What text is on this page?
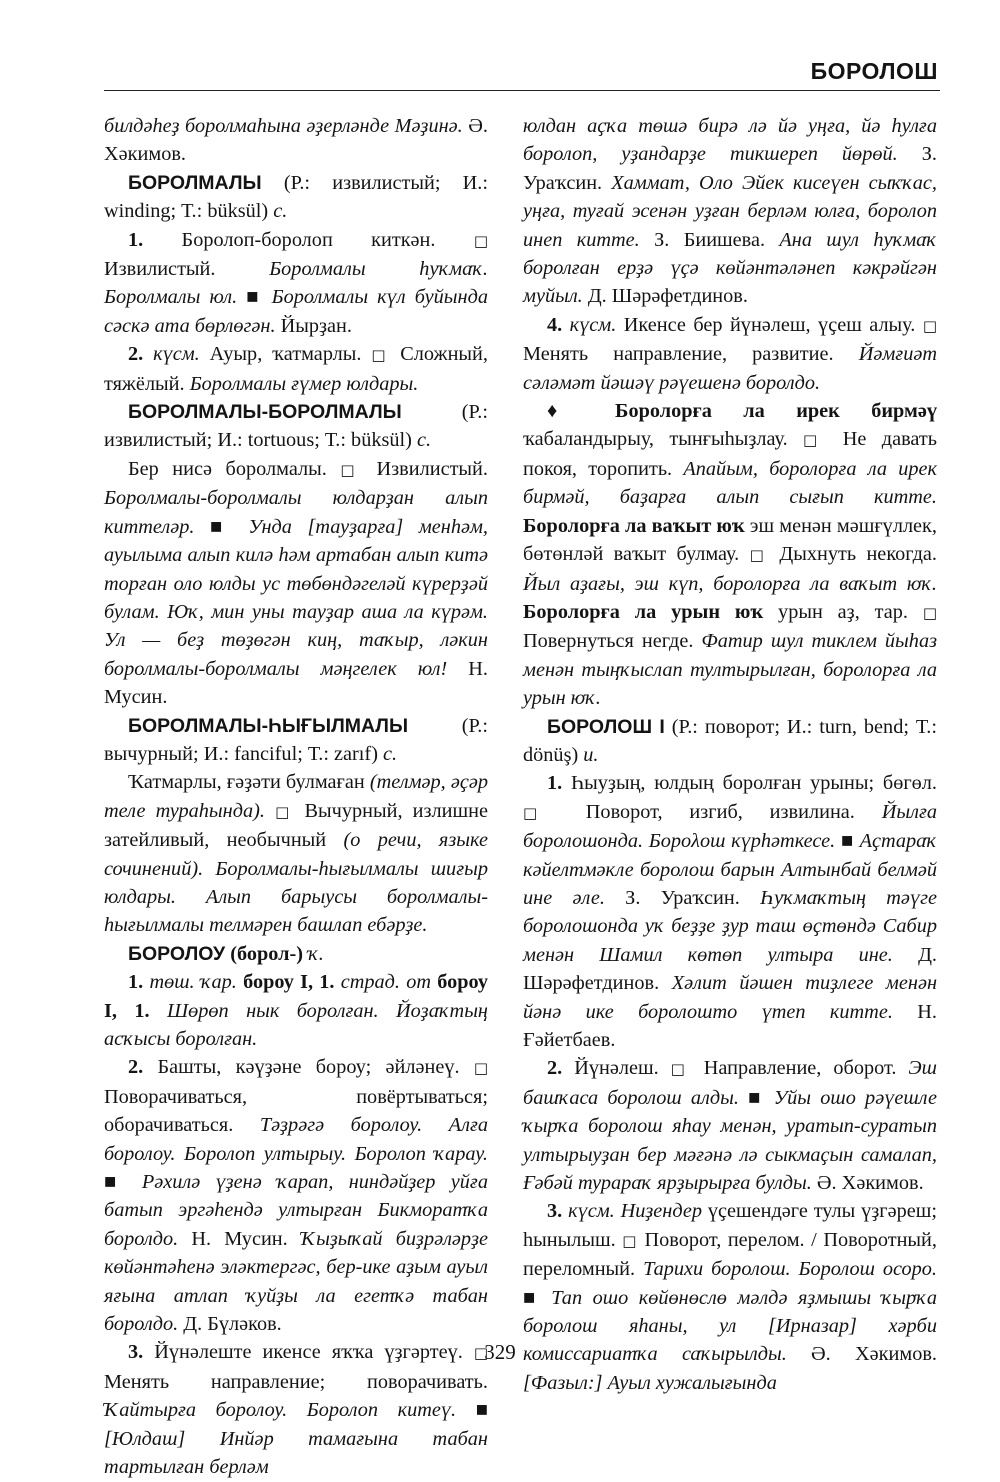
БОРОЛОШ

билдәһеҙ боролмаһына әҙерләнде Мәҙинә. Ә. Хәкимов.

БОРОЛМАЛЫ (Р.: извилистый; И.: winding; Т.: büksül) с.

1. Боролоп-боролоп киткән. □ Извилистый. Боролмалы һуҡмаҡ. Боролмалы юл. ■ Боролмалы күл буйында сәскә ата бөрлөгән. Йырҙан.

2. күсм. Ауыр, ҡатмарлы. □ Сложный, тяжёлый. Боролмалы ғүмер юлдары.

БОРОЛМАЛЫ-БОРОЛМАЛЫ (Р.: извилистый; И.: tortuous; Т.: büksül) с.

Бер нисә боролмалы. □ Извилистый. Боролмалы-боролмалы юлдарҙан алып киттеләр. ■ Унда [тауҙарға] менһәм, ауылыма алып килә һәм артабан алып китә торған оло юлды ус төбөндәгеләй күрерҙәй булам. Юҡ, мин уны тауҙар аша ла күрәм. Ул — беҙ төҙөгән киң, таҡыр, ләкин боролмалы-боролмалы мәңгелек юл! Н. Мусин.

БОРОЛМАЛЫ-ҺЫҒЫЛМАЛЫ (Р.: вычурный; И.: fanciful; Т.: zarıf) с.

Ҡатмарлы, ғәҙәти булмаған (телмәр, әҫәр теле тураһында). □ Вычурный, излишне затейливый, необычный (о речи, языке сочинений). Боролмалы-һығылмалы шиғыр юлдары. Алып барыусы боролмалы-һығылмалы телмәрен башлап ебәрҙе.

БОРОЛОУ (борол-) ҡ.

1. төш. ҡар. бороу I, 1. страд. от бороу I, 1. Шөрөп нык боролған. Йоҙаҡтың асҡысы боролған.

2. Башты, кәүҙәне бороу; әйләнеү. □ Поворачиваться, повёртываться; оборачиваться. Тәҙрәгә боролоу. Алға боролоу. Боролоп ултырыу. Боролоп ҡарау. ■ Рәхилә үҙенә ҡарап, ниндәйҙер уйға батып эргәһендә ултырған Бикморатҡа боролдо. Н. Мусин. Ҡыҙыҡай биҙрәләрҙе көйәнтәһенә эләктергәс, бер-ике аҙым ауыл яғына атлап ҡуйҙы ла егетҡә табан боролдо. Д. Бүләков.

3. Йүнәлеште икенсе яҡҡа үҙгәртеү. □ Менять направление; поворачивать. Ҡайтырға боролоу. Боролоп китеү. ■ [Юлдаш] Инйәр тамағына табан тартылған берләм

юлдан аҫҡа төшә бирә лә йә уңға, йә һулға боролоп, уҙандарҙе тикшереп йөрөй. З. Ураҡсин. Хаммат, Оло Эйек кисеүен сыҡҡас, уңға, туғай эсенән уҙған берләм юлға, боролоп инеп китте. З. Биишева. Ана шул һуҡмаҡ боролған ерҙә үҫә көйәнтәләнеп кәкрәйгән муйыл. Д. Шәрәфетдинов.

4. күсм. Икенсе бер йүнәлеш, үҫеш алыу. □ Менять направление, развитие. Йәмғиәт сәләмәт йәшәү рәүешенә боролдо.

♦ Боролорға ла ирек бирмәү ҡабаландырыу, тынғыһыҙлау. □ Не давать покоя, торопить. Апайым, боролорға ла ирек бирмәй, баҙарға алып сығып китте. Боролорға ла ваҡыт юҡ эш менән мәшғүллек, бөтөнләй ваҡыт булмау. □ Дыхнуть некогда. Йыл аҙағы, эш күп, боролорға ла ваҡыт юҡ. Боролорға ла урын юҡ урын аҙ, тар. □ Повернуться негде. Фатир шул тиклем йыһаз менән тыңҡыслап тултырылған, боролорға ла урын юҡ.

БОРОЛОШ I (Р.: поворот; И.: turn, bend; Т.: dönüş) и.

1. Һыуҙың, юлдың боролған урыны; бөгөл. □ Поворот, изгиб, извилина. Йылға боролошонда. Борολош күрһәткесе. ■ Аҫтараҡ кәйелтмәкле боролош барын Алтынбай белмәй ине әле. З. Ураҡсин. Һуҡмаҡтың тәүге боролошонда уҡ беҙҙе ҙур таш өҫтөндә Сабир менән Шамил көтөп ултыра ине. Д. Шәрәфетдинов. Хәлит йәшен тиҙлеге менән йәнә ике боролошто үтеп китте. Н. Ғәйетбаев.

2. Йүнәлеш. □ Направление, оборот. Эш башҡаса боролош алды. ■ Уйы ошо рәүешле ҡырҡа боролош яһау менән, уратып-суратып ултырыуҙан бер мәғәнә лә сыкмаҫын самалап, Ғәбәй турараҡ ярҙырырға булды. Ә. Хәкимов.

3. күсм. Ниҙендер үҫешендәге тулы үҙгәреш; һынылыш. □ Поворот, перелом. / Поворотный, переломный. Тарихи боролош. Боролош осоро. ■ Тап ошо көйөнөслө мәлдә яҙмышы ҡырҡа боролош яһаны, ул [Ирназар] хәрби комиссариатҡа саҡырылды. Ә. Хәкимов. [Фазыл:] Ауыл хужалығында

329
